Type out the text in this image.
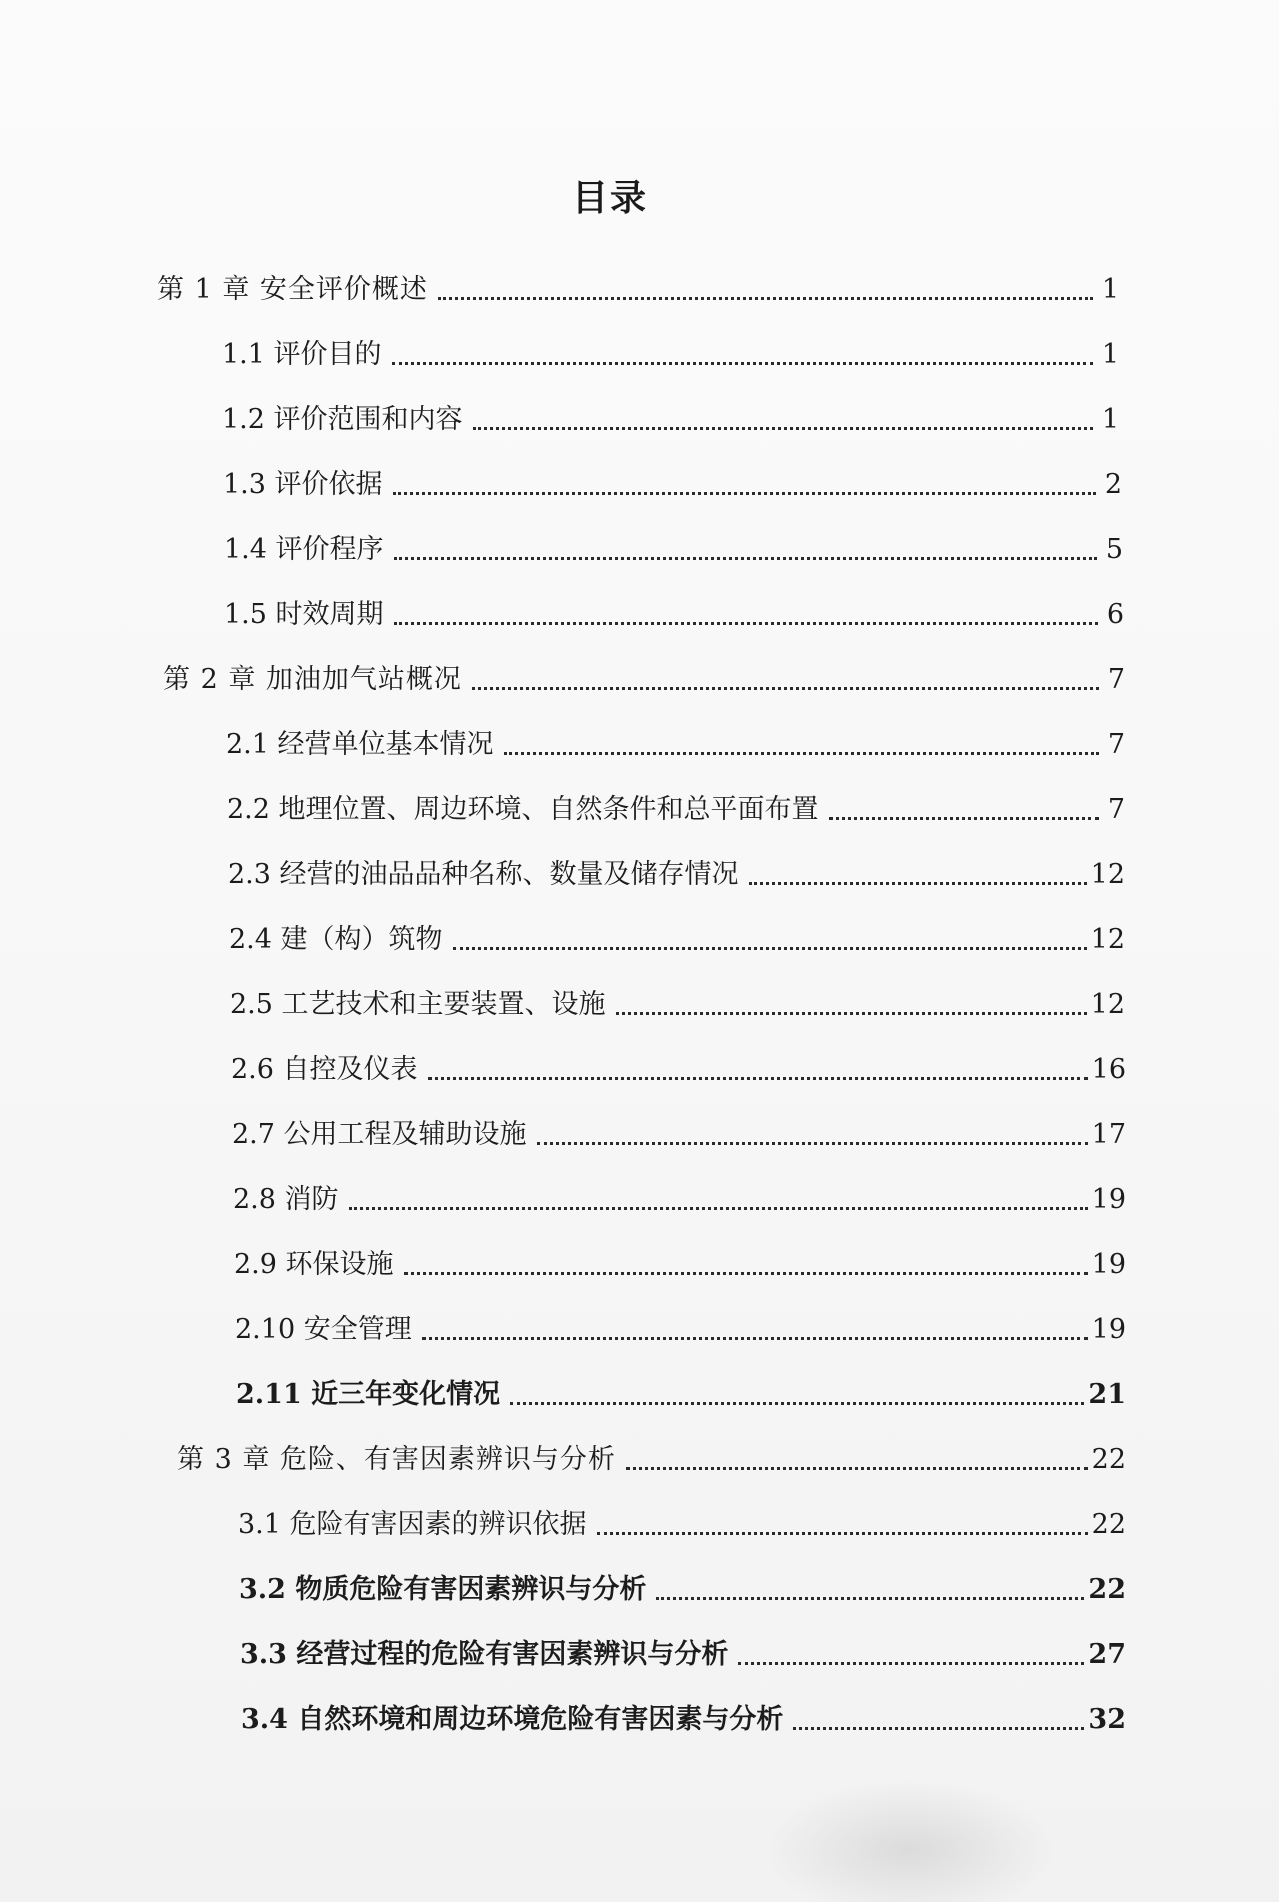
目录
第 1 章 安全评价概述	1
1.1 评价目的	1
1.2 评价范围和内容	1
1.3 评价依据	2
1.4 评价程序	5
1.5 时效周期	6
第 2 章 加油加气站概况	7
2.1 经营单位基本情况	7
2.2 地理位置、周边环境、自然条件和总平面布置	7
2.3 经营的油品品种名称、数量及储存情况	12
2.4 建（构）筑物	12
2.5 工艺技术和主要装置、设施	12
2.6 自控及仪表	16
2.7 公用工程及辅助设施	17
2.8 消防	19
2.9 环保设施	19
2.10 安全管理	19
2.11 近三年变化情况	21
第 3 章 危险、有害因素辨识与分析	22
3.1 危险有害因素的辨识依据	22
3.2 物质危险有害因素辨识与分析	22
3.3 经营过程的危险有害因素辨识与分析	27
3.4 自然环境和周边环境危险有害因素与分析	32
